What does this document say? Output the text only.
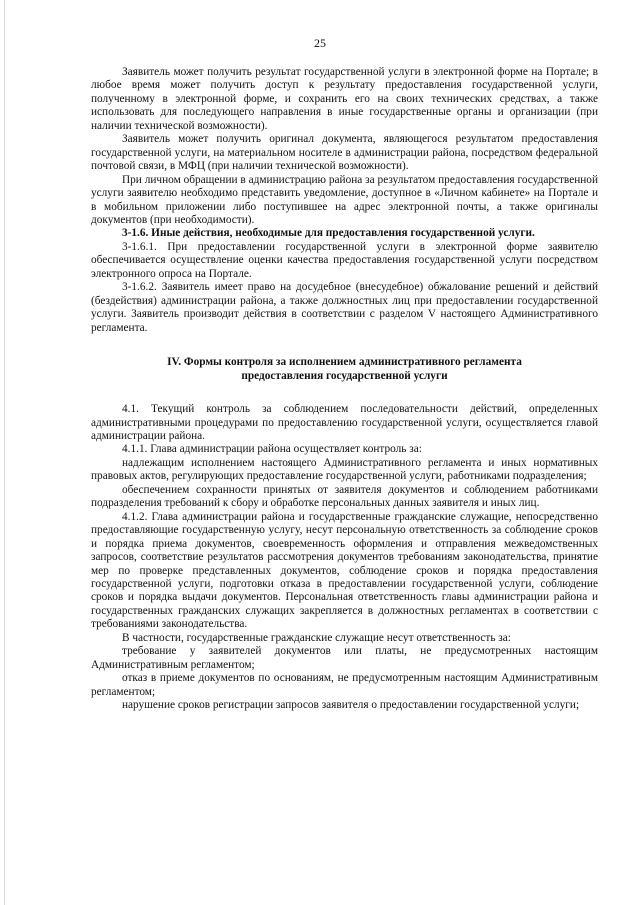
25

Заявитель может получить результат государственной услуги в электронной форме на Портале; в любое время может получить доступ к результату предоставления государственной услуги, полученному в электронной форме, и сохранить его на своих технических средствах, а также использовать для последующего направления в иные государственные органы и организации (при наличии технической возможности).

Заявитель может получить оригинал документа, являющегося результатом предоставления государственной услуги, на материальном носителе в администрации района, посредством федеральной почтовой связи, в МФЦ (при наличии технической возможности).

При личном обращении в администрацию района за результатом предоставления государственной услуги заявителю необходимо представить уведомление, доступное в «Личном кабинете» на Портале и в мобильном приложении либо поступившее на адрес электронной почты, а также оригиналы документов (при необходимости).

3-1.6. Иные действия, необходимые для предоставления государственной услуги.

3-1.6.1. При предоставлении государственной услуги в электронной форме заявителю обеспечивается осуществление оценки качества предоставления государственной услуги посредством электронного опроса на Портале.

3-1.6.2. Заявитель имеет право на досудебное (внесудебное) обжалование решений и действий (бездействия) администрации района, а также должностных лиц при предоставлении государственной услуги. Заявитель производит действия в соответствии с разделом V настоящего Административного регламента.

IV. Формы контроля за исполнением административного регламента
предоставления государственной услуги

4.1. Текущий контроль за соблюдением последовательности действий, определенных административными процедурами по предоставлению государственной услуги, осуществляется главой администрации района.

4.1.1. Глава администрации района осуществляет контроль за:

надлежащим исполнением настоящего Административного регламента и иных нормативных правовых актов, регулирующих предоставление государственной услуги, работниками подразделения;

обеспечением сохранности принятых от заявителя документов и соблюдением работниками подразделения требований к сбору и обработке персональных данных заявителя и иных лиц.

4.1.2. Глава администрации района и государственные гражданские служащие, непосредственно предоставляющие государственную услугу, несут персональную ответственность за соблюдение сроков и порядка приема документов, своевременность оформления и отправления межведомственных запросов, соответствие результатов рассмотрения документов требованиям законодательства, принятие мер по проверке представленных документов, соблюдение сроков и порядка предоставления государственной услуги, подготовки отказа в предоставлении государственной услуги, соблюдение сроков и порядка выдачи документов. Персональная ответственность главы администрации района и государственных гражданских служащих закрепляется в должностных регламентах в соответствии с требованиями законодательства.

В частности, государственные гражданские служащие несут ответственность за:

требование у заявителей документов или платы, не предусмотренных настоящим Административным регламентом;

отказ в приеме документов по основаниям, не предусмотренным настоящим Административным регламентом;

нарушение сроков регистрации запросов заявителя о предоставлении государственной услуги;
